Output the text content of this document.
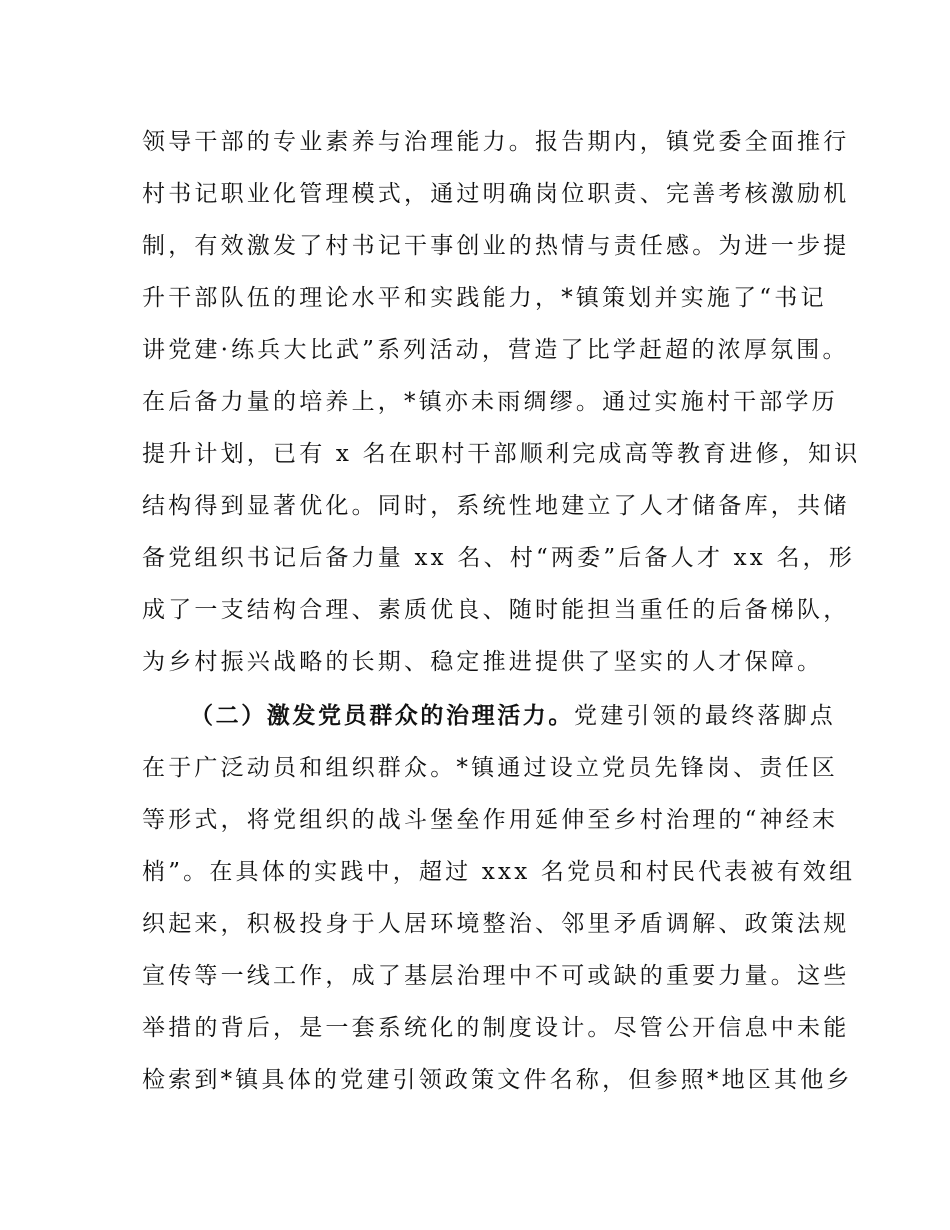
领导干部的专业素养与治理能力。报告期内，镇党委全面推行
村书记职业化管理模式，通过明确岗位职责、完善考核激励机
制，有效激发了村书记干事创业的热情与责任感。为进一步提
升干部队伍的理论水平和实践能力，*镇策划并实施了“书记
讲党建·练兵大比武”系列活动，营造了比学赶超的浓厚氛围。
在后备力量的培养上，*镇亦未雨绸缪。通过实施村干部学历
提升计划，已有 x 名在职村干部顺利完成高等教育进修，知识
结构得到显著优化。同时，系统性地建立了人才储备库，共储
备党组织书记后备力量 xx 名、村“两委”后备人才 xx 名，形
成了一支结构合理、素质优良、随时能担当重任的后备梯队，
为乡村振兴战略的长期、稳定推进提供了坚实的人才保障。
（二）激发党员群众的治理活力。党建引领的最终落脚点
在于广泛动员和组织群众。*镇通过设立党员先锋岗、责任区
等形式，将党组织的战斗堡垒作用延伸至乡村治理的“神经末
梢”。在具体的实践中，超过 xxx 名党员和村民代表被有效组
织起来，积极投身于人居环境整治、邻里矛盾调解、政策法规
宣传等一线工作，成了基层治理中不可或缺的重要力量。这些
举措的背后，是一套系统化的制度设计。尽管公开信息中未能
检索到*镇具体的党建引领政策文件名称，但参照*地区其他乡
